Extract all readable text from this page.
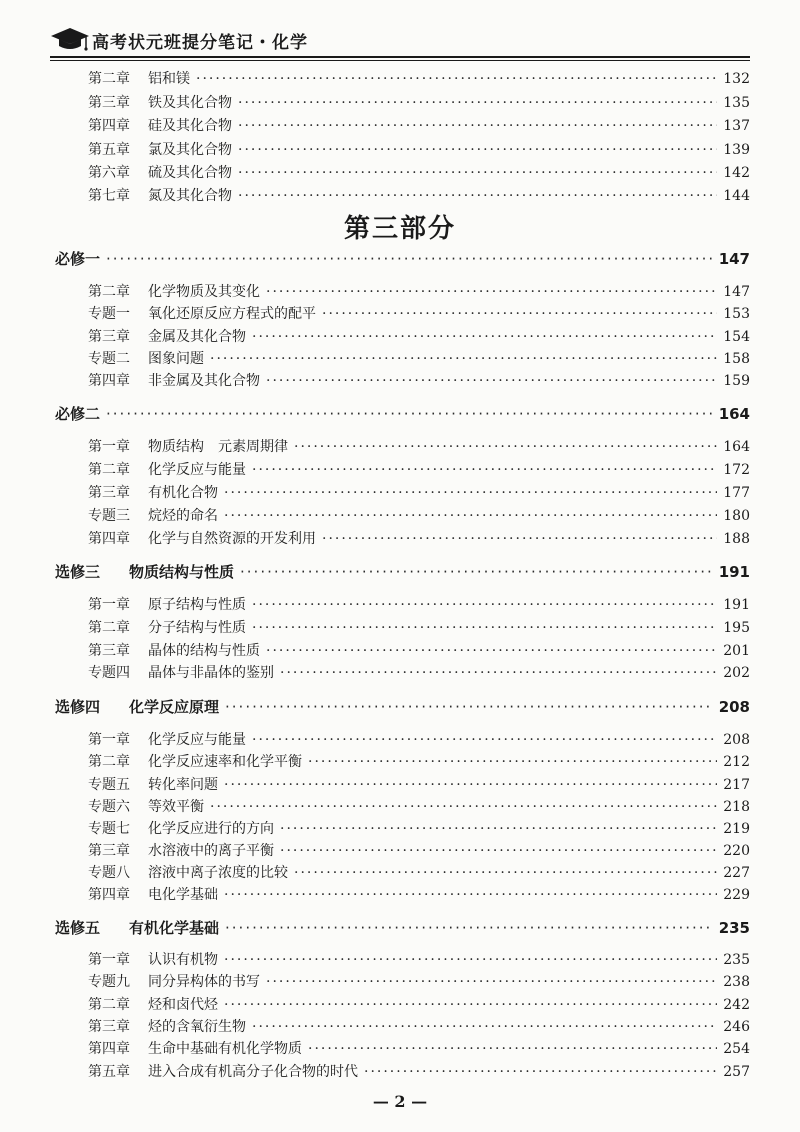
高考状元班提分笔记・化学
第三部分
第二章	铝和镁 ·····	132
第三章	铁及其化合物 ·····	135
第四章	硅及其化合物 ·····	137
第五章	氯及其化合物 ·····	139
第六章	硫及其化合物 ·····	142
第七章	氮及其化合物 ·····	144
必修一 ·····	147
第二章	化学物质及其变化 ·····	147
专题一	氧化还原反应方程式的配平 ·····	153
第三章	金属及其化合物 ·····	154
专题二	图象问题 ·····	158
第四章	非金属及其化合物 ·····	159
必修二 ·····	164
第一章	物质结构　元素周期律 ·····	164
第二章	化学反应与能量 ·····	172
第三章	有机化合物 ·····	177
专题三	烷烃的命名 ·····	180
第四章	化学与自然资源的开发利用 ·····	188
选修三	物质结构与性质 ·····	191
第一章	原子结构与性质 ·····	191
第二章	分子结构与性质 ·····	195
第三章	晶体的结构与性质 ·····	201
专题四	晶体与非晶体的鉴别 ·····	202
选修四	化学反应原理 ·····	208
第一章	化学反应与能量 ·····	208
第二章	化学反应速率和化学平衡 ·····	212
专题五	转化率问题 ·····	217
专题六	等效平衡 ·····	218
专题七	化学反应进行的方向 ·····	219
第三章	水溶液中的离子平衡 ·····	220
专题八	溶液中离子浓度的比较 ·····	227
第四章	电化学基础 ·····	229
选修五	有机化学基础 ·····	235
第一章	认识有机物 ·····	235
专题九	同分异构体的书写 ·····	238
第二章	烃和卤代烃 ·····	242
第三章	烃的含氧衍生物 ·····	246
第四章	生命中基础有机化学物质 ·····	254
第五章	进入合成有机高分子化合物的时代 ·····	257
— 2 —
